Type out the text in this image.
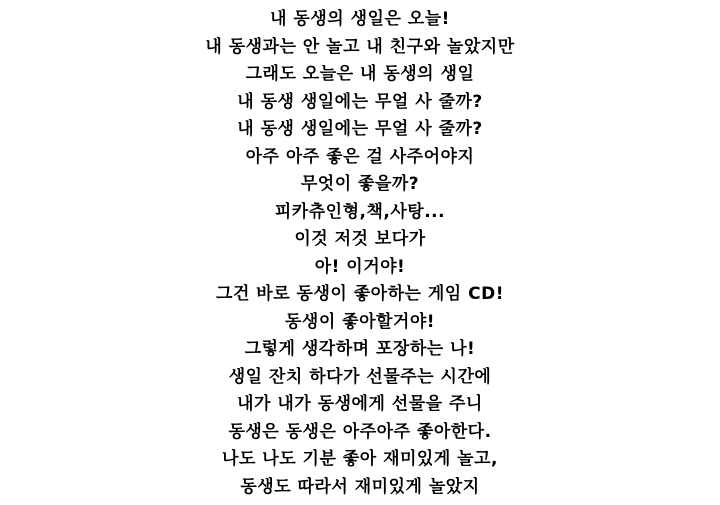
내 동생의 생일은 오늘!
내 동생과는 안 놀고 내 친구와 놀았지만
그래도 오늘은 내 동생의 생일
내 동생 생일에는 무얼 사 줄까?
내 동생 생일에는 무얼 사 줄까?
아주 아주 좋은 걸 사주어야지
무엇이 좋을까?
피카츄인형,책,사탕...
이것 저것 보다가
아! 이거야!
그건 바로 동생이 좋아하는 게임 CD!
동생이 좋아할거야!
그렇게 생각하며 포장하는 나!
생일 잔치 하다가 선물주는 시간에
내가 내가 동생에게 선물을 주니
동생은 동생은 아주아주 좋아한다.
나도 나도 기분 좋아 재미있게 놀고,
동생도 따라서 재미있게 놀았지
